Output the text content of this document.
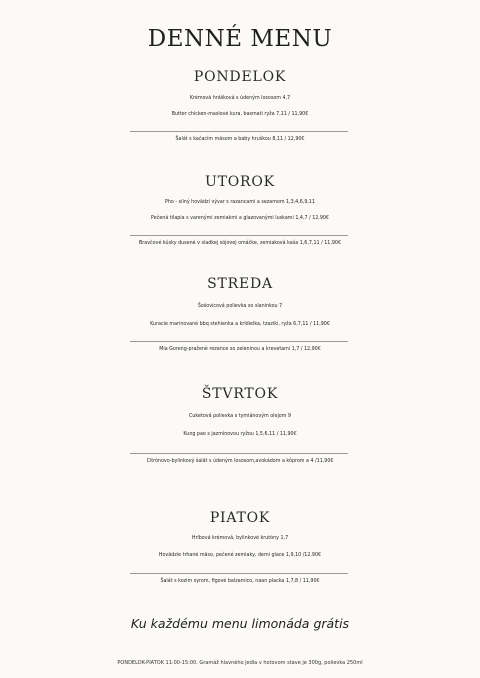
DENNÉ MENU
PONDELOK
Krémová hrášková s údeným lososom 4,7
Butter chicken-maslové kura, basmati ryža 7,11 / 11,90€
Šalát s kačacím mäsom a baby hruškou 8,11 / 12,90€
UTOROK
Pho - silný hovädzí vývar s razancami a sezamom 1,3,4,6,9,11
Pečená tilapia s varenými zemiakmi a glazovanými luskami 1,4,7 / 12,90€
Bravčové kúsky dusené v sladkej sójovej omáčke, zemiaková kaša 1,6,7,11 / 11,90€
STREDA
Šošovicová polievka so slaninkou 7
Kuracie marinované bbq stehienka a krídielka, tzaziki, ryža 6,7,11 / 11,90€
Mia Goreng-pražené rezance so zeleninou a krevetami 1,7 / 12,90€
ŠTVRTOK
Cuketová polievka s tymiánovým olejom 9
Kung pao s jazmínovou ryžou 1,5,6,11 / 11,90€
Citrónovo-bylinkový šalát s údeným lososom,avokádom a kôprom a 4 /11,90€
PIATOK
Hríbová krémová, bylinkové krutóny 1,7
Hovädzie trhané mäso, pečené zemiaky, demi glace 1,9,10 /12,90€
Šalát s kozím syrom, figové balzamico, naan placka 1,7,8 / 11,90€
Ku každému menu limonáda grátis
PONDELOK-PIATOK 11:00-15:00. Gramáž hlavného jedla v hotovom stave je 300g, polievka 250ml
